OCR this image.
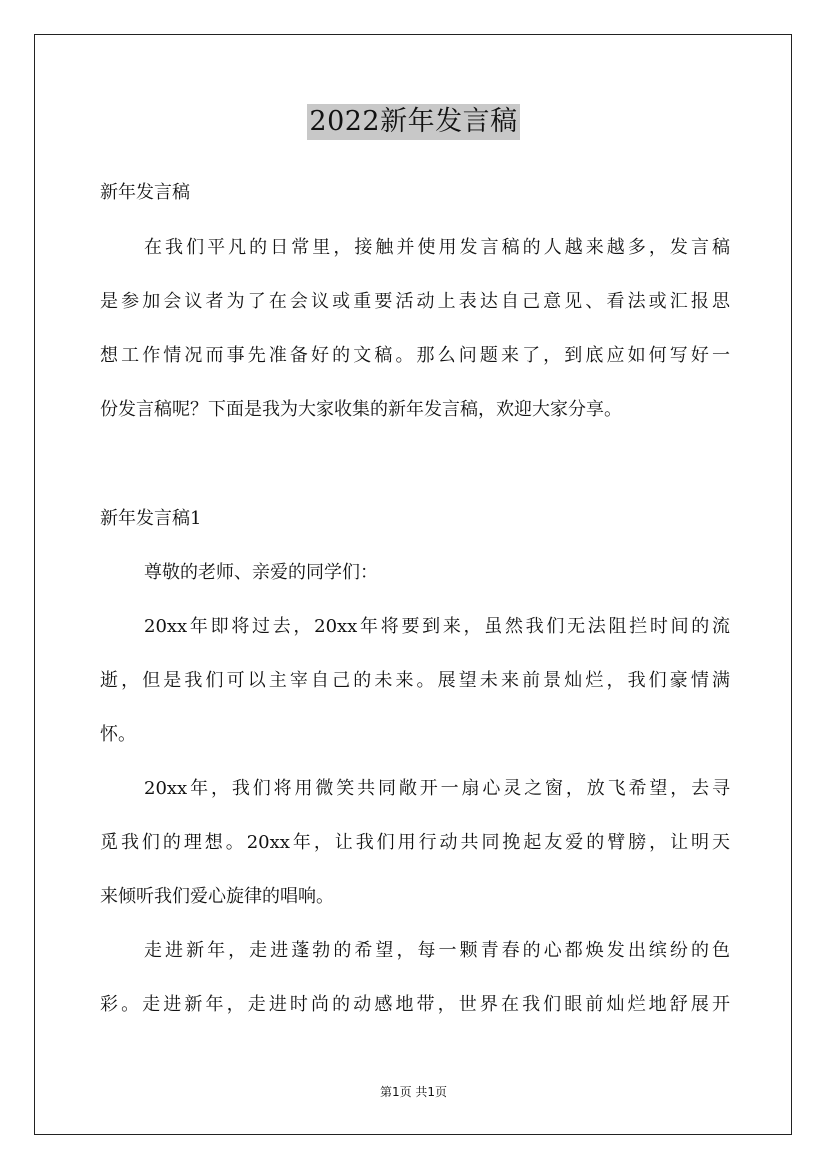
2022新年发言稿
新年发言稿
在我们平凡的日常里，接触并使用发言稿的人越来越多，发言稿
是参加会议者为了在会议或重要活动上表达自己意见、看法或汇报思
想工作情况而事先准备好的文稿。那么问题来了，到底应如何写好一
份发言稿呢？下面是我为大家收集的新年发言稿，欢迎大家分享。
新年发言稿1
尊敬的老师、亲爱的同学们：
20xx年即将过去，20xx年将要到来，虽然我们无法阻拦时间的流
逝，但是我们可以主宰自己的未来。展望未来前景灿烂，我们豪情满
怀。
20xx年，我们将用微笑共同敞开一扇心灵之窗，放飞希望，去寻
觅我们的理想。20xx年，让我们用行动共同挽起友爱的臂膀，让明天
来倾听我们爱心旋律的唱响。
走进新年，走进蓬勃的希望，每一颗青春的心都焕发出缤纷的色
彩。走进新年，走进时尚的动感地带，世界在我们眼前灿烂地舒展开
第1页 共1页
